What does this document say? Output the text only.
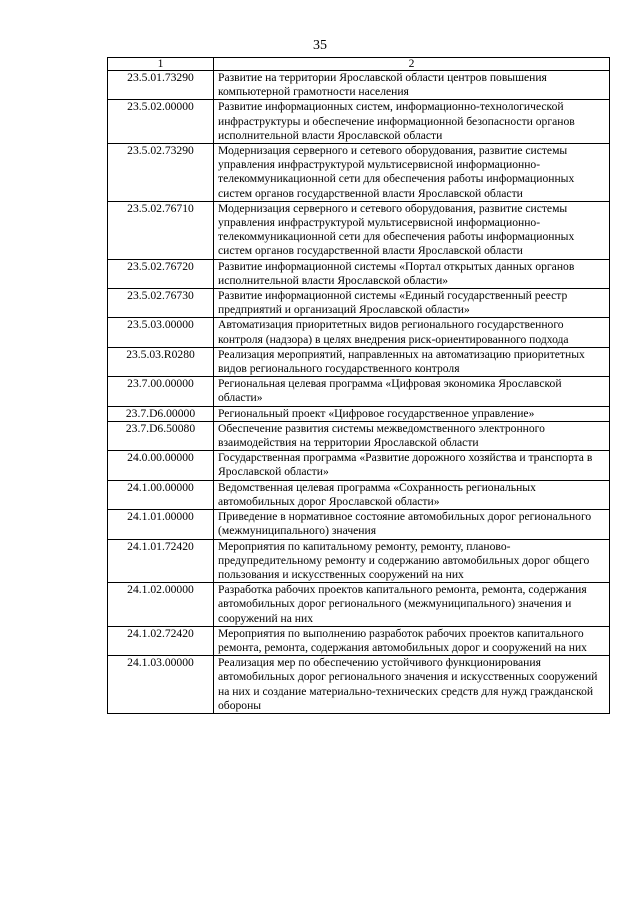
35
1	2
23.5.01.73290	Развитие на территории Ярославской области центров повышения компьютерной грамотности населения
23.5.02.00000	Развитие информационных систем, информационно-технологической инфраструктуры и обеспечение информационной безопасности органов исполнительной власти Ярославской области
23.5.02.73290	Модернизация серверного и сетевого оборудования, развитие системы управления инфраструктурой мультисервисной информационно-телекоммуникационной сети для обеспечения работы информационных систем органов государственной власти Ярославской области
23.5.02.76710	Модернизация серверного и сетевого оборудования, развитие системы управления инфраструктурой мультисервисной информационно-телекоммуникационной сети для обеспечения работы информационных систем органов государственной власти Ярославской области
23.5.02.76720	Развитие информационной системы «Портал открытых данных органов исполнительной власти Ярославской области»
23.5.02.76730	Развитие информационной системы «Единый государственный реестр предприятий и организаций Ярославской области»
23.5.03.00000	Автоматизация приоритетных видов регионального государственного контроля (надзора) в целях внедрения риск-ориентированного подхода
23.5.03.R0280	Реализация мероприятий, направленных на автоматизацию приоритетных видов регионального государственного контроля
23.7.00.00000	Региональная целевая программа «Цифровая экономика Ярославской области»
23.7.D6.00000	Региональный проект «Цифровое государственное управление»
23.7.D6.50080	Обеспечение развития системы межведомственного электронного взаимодействия на территории Ярославской области
24.0.00.00000	Государственная программа «Развитие дорожного хозяйства и транспорта в Ярославской области»
24.1.00.00000	Ведомственная целевая программа «Сохранность региональных автомобильных дорог Ярославской области»
24.1.01.00000	Приведение в нормативное состояние автомобильных дорог регионального (межмуниципального) значения
24.1.01.72420	Мероприятия по капитальному ремонту, ремонту, планово-предупредительному ремонту и содержанию автомобильных дорог общего пользования и искусственных сооружений на них
24.1.02.00000	Разработка рабочих проектов капитального ремонта, ремонта, содержания автомобильных дорог регионального (межмуниципального) значения и сооружений на них
24.1.02.72420	Мероприятия по выполнению разработок рабочих проектов капитального ремонта, ремонта, содержания автомобильных дорог и сооружений на них
24.1.03.00000	Реализация мер по обеспечению устойчивого функционирования автомобильных дорог регионального значения и искусственных сооружений на них и создание материально-технических средств для нужд гражданской обороны
